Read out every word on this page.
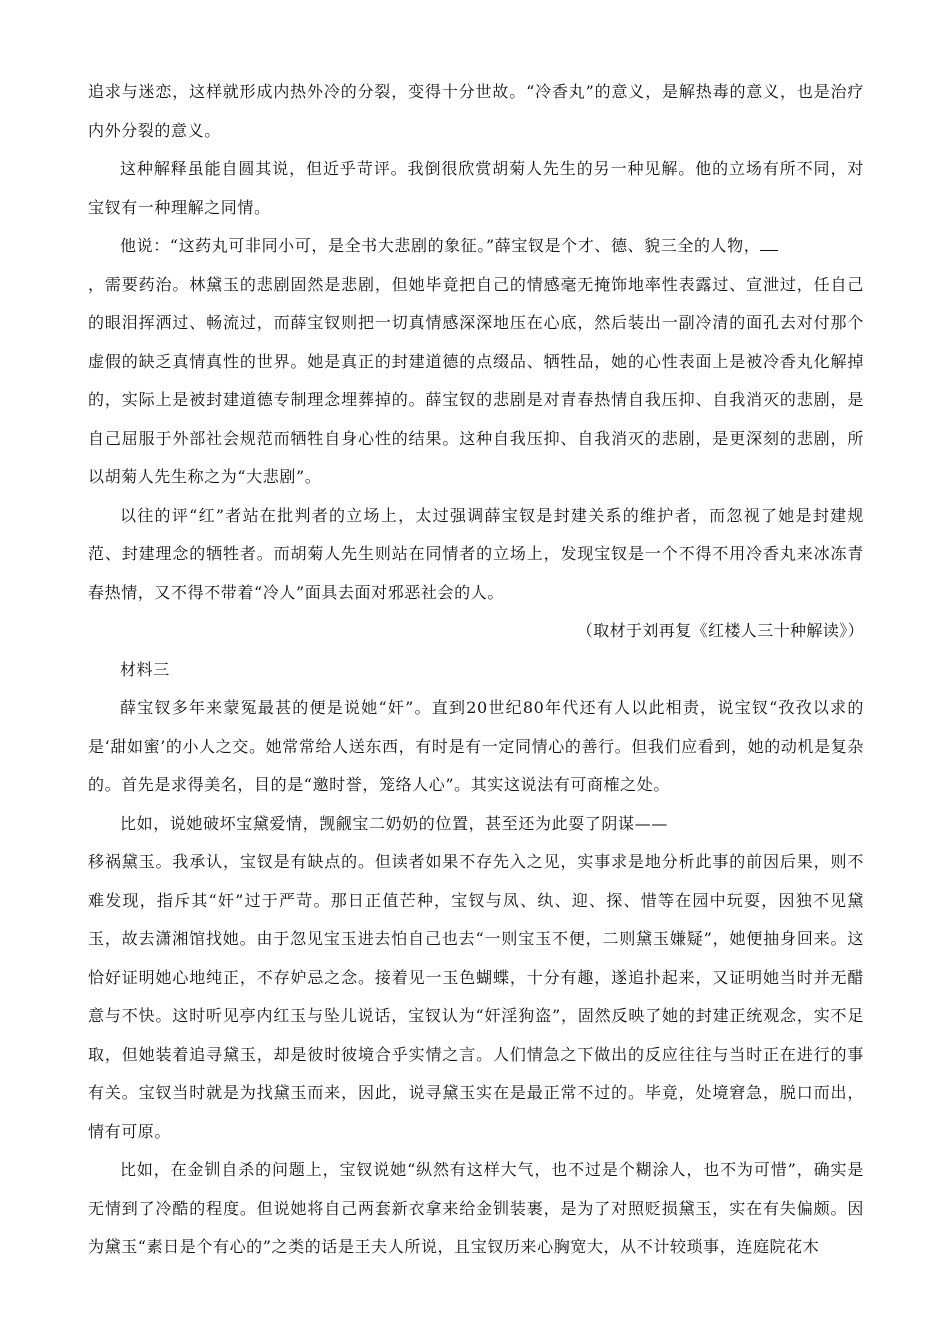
追求与迷恋，这样就形成内热外冷的分裂，变得十分世故。“冷香丸”的意义，是解热毒的意义，也是治疗内外分裂的意义。

这种解释虽能自圆其说，但近乎苛评。我倒很欣赏胡菊人先生的另一种见解。他的立场有所不同，对宝钗有一种理解之同情。

他说：“这药丸可非同小可，是全书大悲剧的象征。”薛宝钗是个才、德、貌三全的人物，
，需要药治。林黛玉的悲剧固然是悲剧，但她毕竟把自己的情感毫无掩饰地率性表露过、宣泄过，任自己的眼泪挥洒过、畅流过，而薛宝钗则把一切真情感深深地压在心底，然后装出一副冷清的面孔去对付那个虚假的缺乏真情真性的世界。她是真正的封建道德的点缀品、牺牲品，她的心性表面上是被冷香丸化解掉的，实际上是被封建道德专制理念埋葬掉的。薛宝钗的悲剧是对青春热情自我压抑、自我消灭的悲剧，是自己屈服于外部社会规范而牺牲自身心性的结果。这种自我压抑、自我消灭的悲剧，是更深刻的悲剧，所以胡菊人先生称之为“大悲剧”。

以往的评“红”者站在批判者的立场上，太过强调薛宝钗是封建关系的维护者，而忽视了她是封建规范、封建理念的牺牲者。而胡菊人先生则站在同情者的立场上，发现宝钗是一个不得不用冷香丸来冰冻青春热情，又不得不带着“冷人”面具去面对邪恶社会的人。

（取材于刘再复《红楼人三十种解读》）

材料三

薛宝钗多年来蒙冤最甚的便是说她“奸”。直到20世纪80年代还有人以此相责，说宝钗“孜孜以求的是‘甜如蜜’的小人之交。她常常给人送东西，有时是有一定同情心的善行。但我们应看到，她的动机是复杂的。首先是求得美名，目的是“邀时誉，笼络人心”。其实这说法有可商榷之处。

比如，说她破坏宝黛爱情，觊觎宝二奶奶的位置，甚至还为此耍了阴谋——

移祸黛玉。我承认，宝钗是有缺点的。但读者如果不存先入之见，实事求是地分析此事的前因后果，则不难发现，指斥其“奸”过于严苛。那日正值芒种，宝钗与凤、纨、迎、探、惜等在园中玩耍，因独不见黛玉，故去潇湘馆找她。由于忽见宝玉进去怕自己也去“一则宝玉不便，二则黛玉嫌疑”，她便抽身回来。这恰好证明她心地纯正，不存妒忌之念。接着见一玉色蝴蝶，十分有趣，遂追扑起来，又证明她当时并无醋意与不快。这时听见亭内红玉与坠儿说话，宝钗认为“奸淫狗盗”，固然反映了她的封建正统观念，实不足取，但她装着追寻黛玉，却是彼时彼境合乎实情之言。人们情急之下做出的反应往往与当时正在进行的事有关。宝钗当时就是为找黛玉而来，因此，说寻黛玉实在是最正常不过的。毕竟，处境窘急，脱口而出，情有可原。

比如，在金钏自杀的问题上，宝钗说她“纵然有这样大气，也不过是个糊涂人，也不为可惜”，确实是无情到了冷酷的程度。但说她将自己两套新衣拿来给金钏装裹，是为了对照贬损黛玉，实在有失偏颇。因为黛玉“素日是个有心的”之类的话是王夫人所说，且宝钗历来心胸宽大，从不计较琐事，连庭院花木
